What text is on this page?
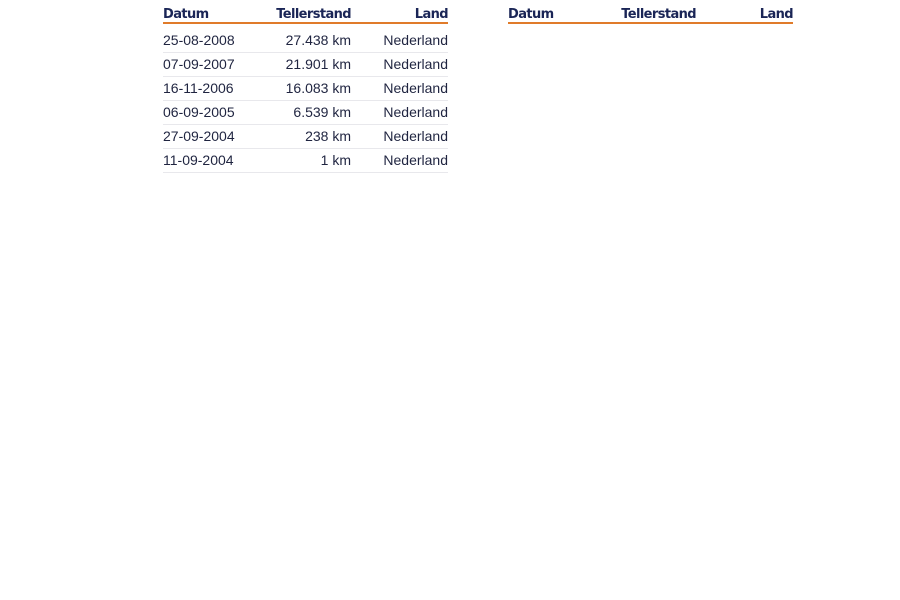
Datum	Tellerstand	Land

25-08-2008	27.438 km	Nederland
07-09-2007	21.901 km	Nederland
16-11-2006	16.083 km	Nederland
06-09-2005	6.539 km	Nederland
27-09-2004	238 km	Nederland
11-09-2004	1 km	Nederland
Datum	Tellerstand	Land
